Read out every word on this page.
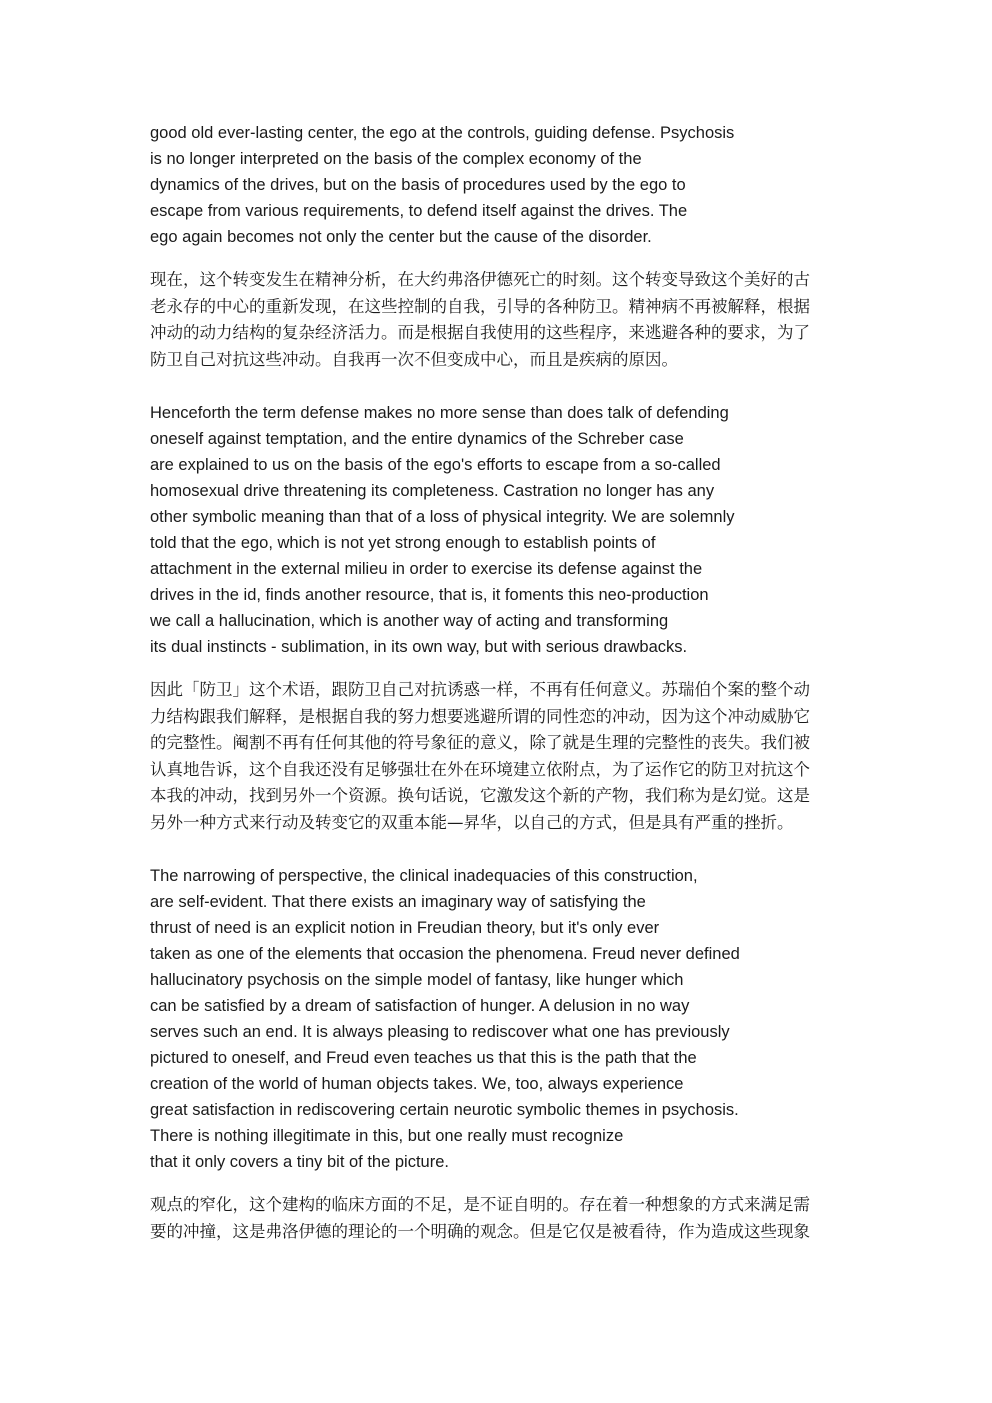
good old ever-lasting center, the ego at the controls, guiding defense. Psychosis
is no longer interpreted on the basis of the complex economy of the
dynamics of the drives, but on the basis of procedures used by the ego to
escape from various requirements, to defend itself against the drives. The
ego again becomes not only the center but the cause of the disorder.

现在，这个转变发生在精神分析，在大约弗洛伊德死亡的时刻。这个转变导致这个美好的古
老永存的中心的重新发现，在这些控制的自我，引导的各种防卫。精神病不再被解释，根据
冲动的动力结构的复杂经济活力。而是根据自我使用的这些程序，来逃避各种的要求，为了
防卫自己对抗这些冲动。自我再一次不但变成中心，而且是疾病的原因。

Henceforth the term defense makes no more sense than does talk of defending
oneself against temptation, and the entire dynamics of the Schreber case
are explained to us on the basis of the ego's efforts to escape from a so-called
homosexual drive threatening its completeness. Castration no longer has any
other symbolic meaning than that of a loss of physical integrity. We are solemnly
told that the ego, which is not yet strong enough to establish points of
attachment in the external milieu in order to exercise its defense against the
drives in the id, finds another resource, that is, it foments this neo-production
we call a hallucination, which is another way of acting and transforming
its dual instincts - sublimation, in its own way, but with serious drawbacks.

因此「防卫」这个术语，跟防卫自己对抗诱惑一样，不再有任何意义。苏瑞伯个案的整个动
力结构跟我们解释，是根据自我的努力想要逃避所谓的同性恋的冲动，因为这个冲动威胁它
的完整性。阉割不再有任何其他的符号象征的意义，除了就是生理的完整性的丧失。我们被
认真地告诉，这个自我还没有足够强壮在外在环境建立依附点，为了运作它的防卫对抗这个
本我的冲动，找到另外一个资源。换句话说，它激发这个新的产物，我们称为是幻觉。这是
另外一种方式来行动及转变它的双重本能—昇华，以自己的方式，但是具有严重的挫折。

The narrowing of perspective, the clinical inadequacies of this construction,
are self-evident. That there exists an imaginary way of satisfying the
thrust of need is an explicit notion in Freudian theory, but it's only ever
taken as one of the elements that occasion the phenomena. Freud never defined
hallucinatory psychosis on the simple model of fantasy, like hunger which
can be satisfied by a dream of satisfaction of hunger. A delusion in no way
serves such an end. It is always pleasing to rediscover what one has previously
pictured to oneself, and Freud even teaches us that this is the path that the
creation of the world of human objects takes. We, too, always experience
great satisfaction in rediscovering certain neurotic symbolic themes in psychosis.
There is nothing illegitimate in this, but one really must recognize
that it only covers a tiny bit of the picture.

观点的窄化，这个建构的临床方面的不足，是不证自明的。存在着一种想象的方式来满足需
要的冲撞，这是弗洛伊德的理论的一个明确的观念。但是它仅是被看待，作为造成这些现象
